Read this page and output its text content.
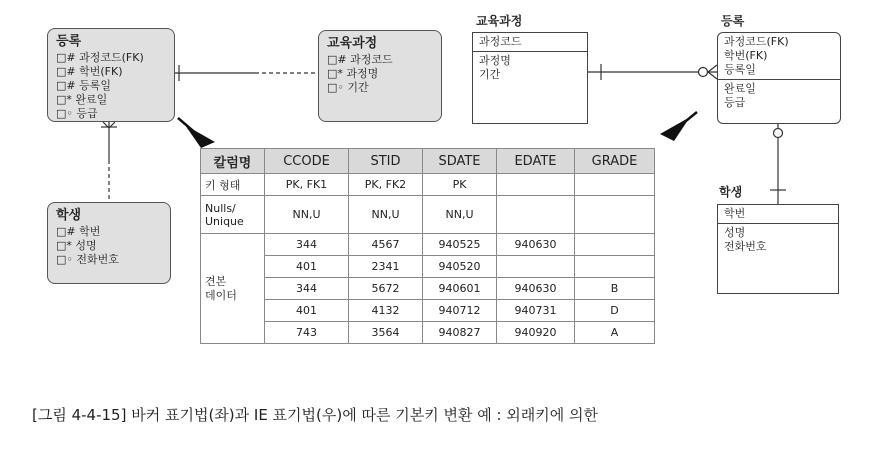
등록
□# 과정코드(FK)
□# 학번(FK)
□# 등록일
□* 완료일
□◦ 등급
교육과정
□# 과정코드
□* 과정명
□◦ 기간
학생
□# 학번
□* 성명
□◦ 전화번호
교육과정
과정코드
과정명
기간
등록
과정코드(FK)
학번(FK)
등록일
완료일
등급
학생
학번
성명
전화번호
칼럼명	CCODE	STID	SDATE	EDATE	GRADE
키 형태	PK, FK1	PK, FK2	PK		
Nulls/
Unique	NN,U	NN,U	NN,U		
견본
데이터	344	4567	940525	940630	
	401	2341	940520		
	344	5672	940601	940630	B
	401	4132	940712	940731	D
	743	3564	940827	940920	A
[그림 4-4-15] 바커 표기법(좌)과 IE 표기법(우)에 따른 기본키 변환 예 : 외래키에 의한
